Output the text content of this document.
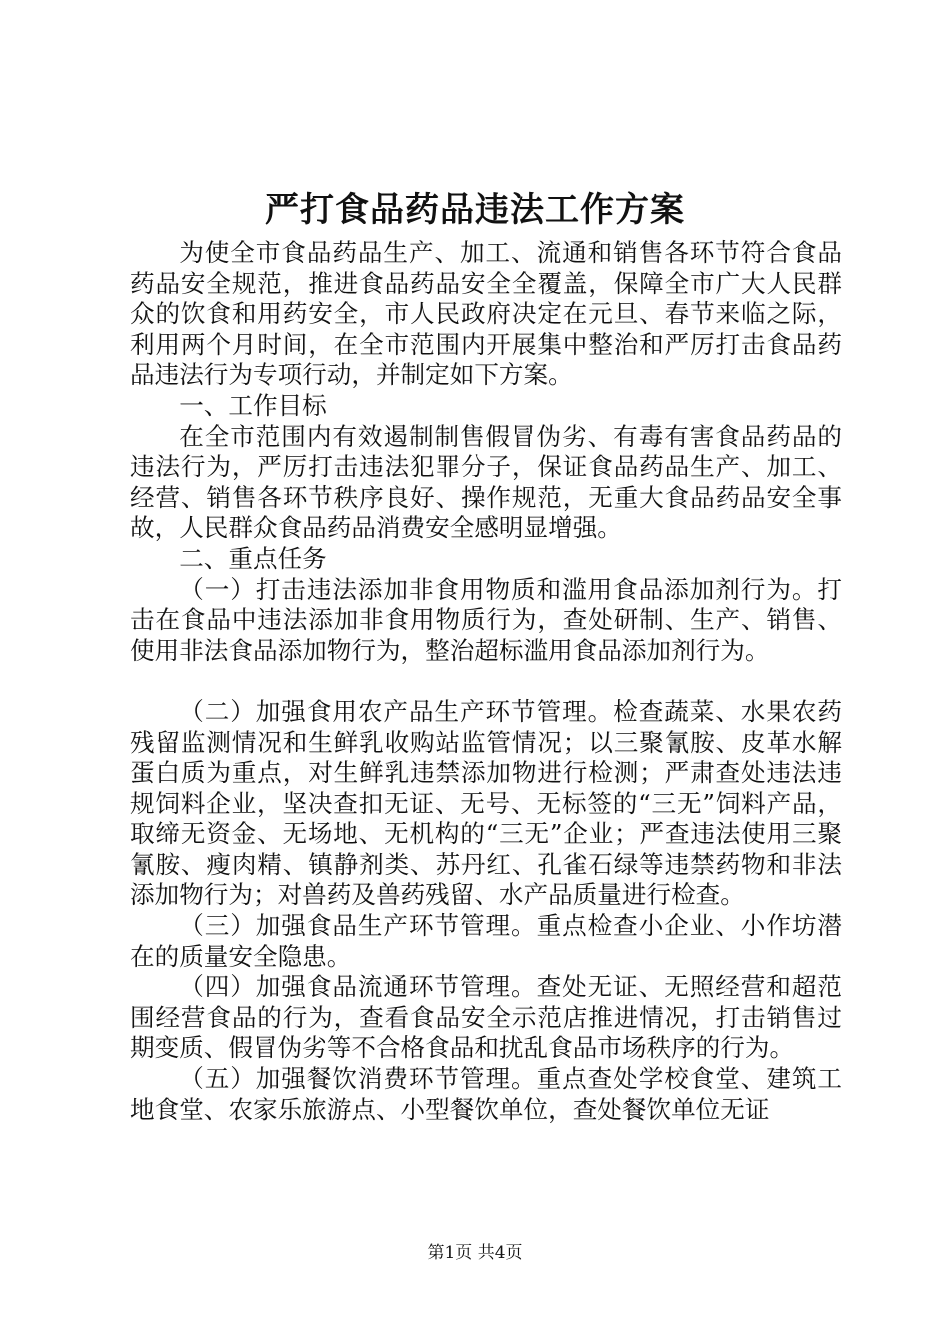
严打食品药品违法工作方案

为使全市食品药品生产、加工、流通和销售各环节符合食品药品安全规范，推进食品药品安全全覆盖，保障全市广大人民群众的饮食和用药安全，市人民政府决定在元旦、春节来临之际，利用两个月时间，在全市范围内开展集中整治和严厉打击食品药品违法行为专项行动，并制定如下方案。

一、工作目标

在全市范围内有效遏制制售假冒伪劣、有毒有害食品药品的违法行为，严厉打击违法犯罪分子，保证食品药品生产、加工、经营、销售各环节秩序良好、操作规范，无重大食品药品安全事故，人民群众食品药品消费安全感明显增强。

二、重点任务

（一）打击违法添加非食用物质和滥用食品添加剂行为。打击在食品中违法添加非食用物质行为，查处研制、生产、销售、使用非法食品添加物行为，整治超标滥用食品添加剂行为。

（二）加强食用农产品生产环节管理。检查蔬菜、水果农药残留监测情况和生鲜乳收购站监管情况；以三聚氰胺、皮革水解蛋白质为重点，对生鲜乳违禁添加物进行检测；严肃查处违法违规饲料企业，坚决查扣无证、无号、无标签的“三无”饲料产品，取缔无资金、无场地、无机构的“三无”企业；严查违法使用三聚氰胺、瘦肉精、镇静剂类、苏丹红、孔雀石绿等违禁药物和非法添加物行为；对兽药及兽药残留、水产品质量进行检查。

（三）加强食品生产环节管理。重点检查小企业、小作坊潜在的质量安全隐患。

（四）加强食品流通环节管理。查处无证、无照经营和超范围经营食品的行为，查看食品安全示范店推进情况，打击销售过期变质、假冒伪劣等不合格食品和扰乱食品市场秩序的行为。

（五）加强餐饮消费环节管理。重点查处学校食堂、建筑工地食堂、农家乐旅游点、小型餐饮单位，查处餐饮单位无证

第1页 共4页
